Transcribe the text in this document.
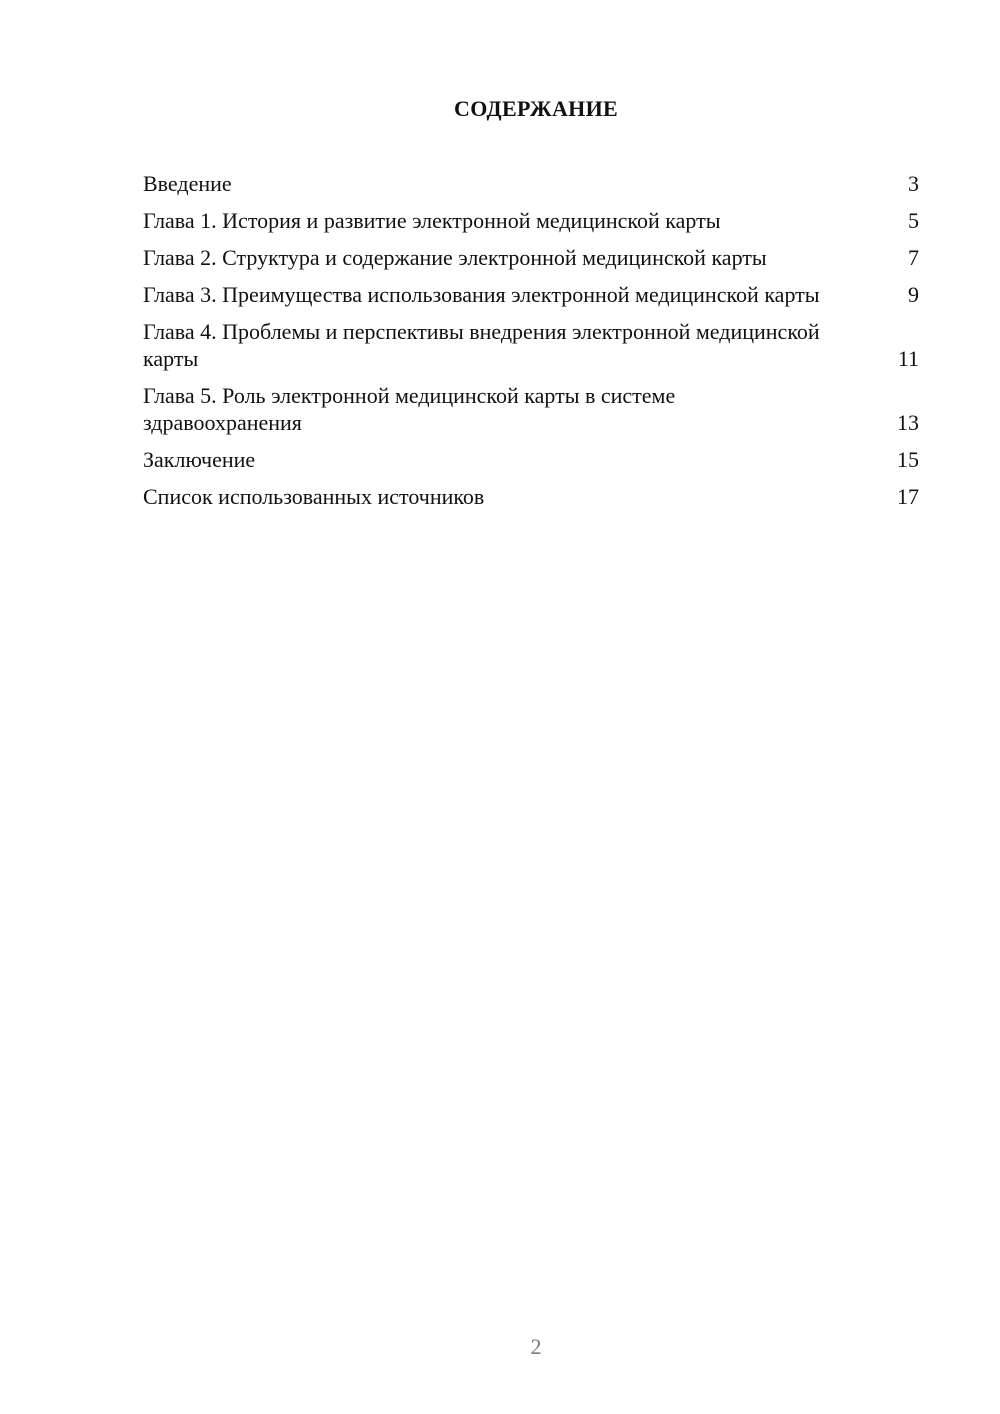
СОДЕРЖАНИЕ
Введение	3
Глава 1. История и развитие электронной медицинской карты	5
Глава 2. Структура и содержание электронной медицинской карты	7
Глава 3. Преимущества использования электронной медицинской карты	9
Глава 4. Проблемы и перспективы внедрения электронной медицинской карты	11
Глава 5. Роль электронной медицинской карты в системе здравоохранения	13
Заключение	15
Список использованных источников	17
2
